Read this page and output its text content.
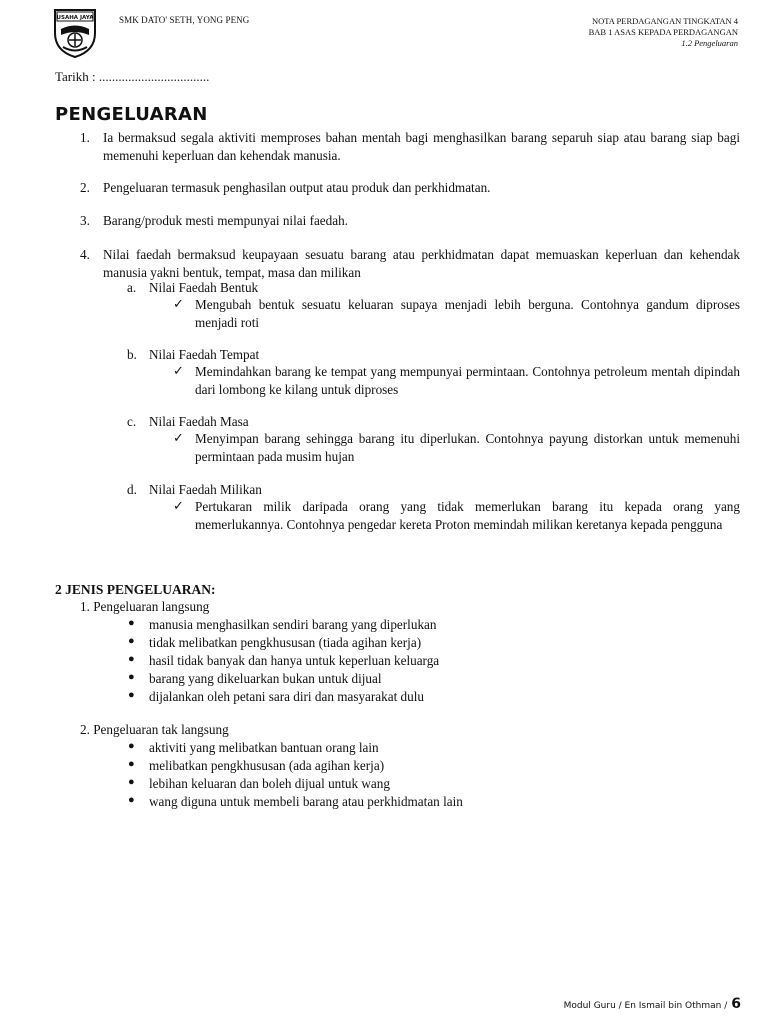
USAHA JAYA	SMK DATO' SETH, YONG PENG	NOTA PERDAGANGAN TINGKATAN 4
BAB 1 ASAS KEPADA PERDAGANGAN
1.2 Pengeluaran
Tarikh : ..................................
PENGELUARAN
1. Ia bermaksud segala aktiviti memproses bahan mentah bagi menghasilkan barang separuh siap atau barang siap bagi memenuhi keperluan dan kehendak manusia.
2. Pengeluaran termasuk penghasilan output atau produk dan perkhidmatan.
3. Barang/produk mesti mempunyai nilai faedah.
4. Nilai faedah bermaksud keupayaan sesuatu barang atau perkhidmatan dapat memuaskan keperluan dan kehendak manusia yakni bentuk, tempat, masa dan milikan
a. Nilai Faedah Bentuk
✓ Mengubah bentuk sesuatu keluaran supaya menjadi lebih berguna. Contohnya gandum diproses menjadi roti
b. Nilai Faedah Tempat
✓ Memindahkan barang ke tempat yang mempunyai permintaan. Contohnya petroleum mentah dipindah dari lombong ke kilang untuk diproses
c. Nilai Faedah Masa
✓ Menyimpan barang sehingga barang itu diperlukan. Contohnya payung distorkan untuk memenuhi permintaan pada musim hujan
d. Nilai Faedah Milikan
✓ Pertukaran milik daripada orang yang tidak memerlukan barang itu kepada orang yang memerlukannya. Contohnya pengedar kereta Proton memindah milikan keretanya kepada pengguna
2 JENIS PENGELUARAN:
1. Pengeluaran langsung
● manusia menghasilkan sendiri barang yang diperlukan
● tidak melibatkan pengkhususan (tiada agihan kerja)
● hasil tidak banyak dan hanya untuk keperluan keluarga
● barang yang dikeluarkan bukan untuk dijual
● dijalankan oleh petani sara diri dan masyarakat dulu
2. Pengeluaran tak langsung
● aktiviti yang melibatkan bantuan orang lain
● melibatkan pengkhususan (ada agihan kerja)
● lebihan keluaran dan boleh dijual untuk wang
● wang diguna untuk membeli barang atau perkhidmatan lain
Modul Guru / En Ismail bin Othman / 6
